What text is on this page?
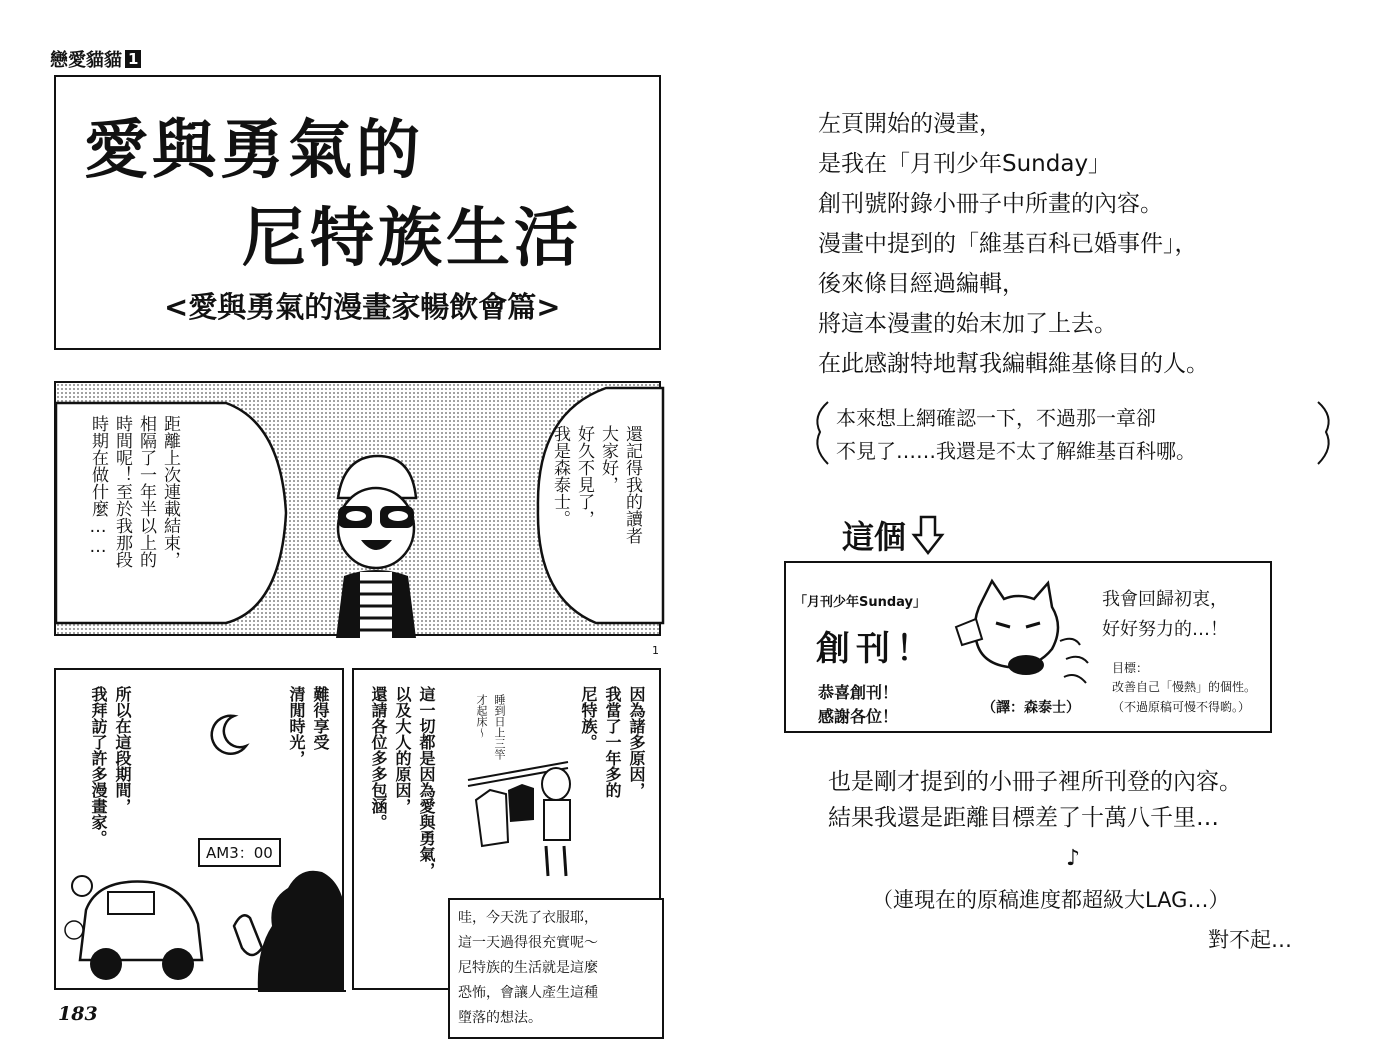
戀愛貓貓 1
愛與勇氣的
尼特族生活
<愛與勇氣的漫畫家暢飲會篇>
距離上次連載結束，
相隔了一年半以上的
時間呢！至於我那段
時期在做什麼……	還記得我的讀者
大家好，
好久不見了，
我是森泰士。
1
所以在這段期間，
我拜訪了許多漫畫家。
AM3：00
難得享受
清閒時光，	這一切都是因為愛與勇氣，
以及大人的原因，
還請各位多多包涵。	睡到日上三竿
才起床～	因為諸多原因，
我當了一年多的
尼特族。
哇，今天洗了衣服耶，
這一天過得很充實呢～
尼特族的生活就是這麼
恐怖，會讓人產生這種
墮落的想法。
183
左頁開始的漫畫，
是我在「月刊少年Sunday」
創刊號附錄小冊子中所畫的內容。
漫畫中提到的「維基百科已婚事件」，
後來條目經過編輯，
將這本漫畫的始末加了上去。
在此感謝特地幫我編輯維基條目的人。
本來想上網確認一下，不過那一章卻
不見了……我還是不太了解維基百科哪。
這個
「月刊少年Sunday」
創刊！
恭喜創刊！
感謝各位！	（譯：森泰士）
我會回歸初衷，
好好努力的…！
目標：
改善自己「慢熱」的個性。
（不過原稿可慢不得喲。）
也是剛才提到的小冊子裡所刊登的內容。
結果我還是距離目標差了十萬八千里…
♪
（連現在的原稿進度都超級大LAG…）
對不起…
